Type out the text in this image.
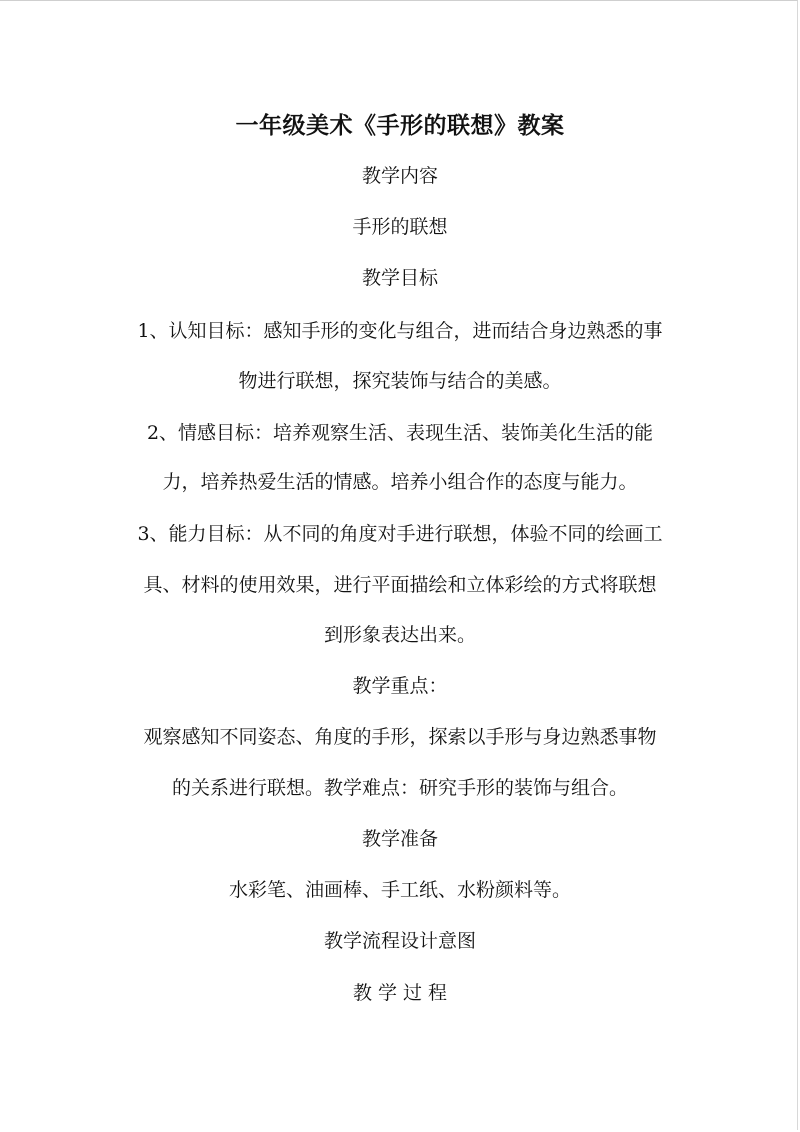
一年级美术《手形的联想》教案
教学内容
手形的联想
教学目标
1、认知目标：感知手形的变化与组合，进而结合身边熟悉的事
物进行联想，探究装饰与结合的美感。
2、情感目标：培养观察生活、表现生活、装饰美化生活的能
力，培养热爱生活的情感。培养小组合作的态度与能力。
3、能力目标：从不同的角度对手进行联想，体验不同的绘画工
具、材料的使用效果，进行平面描绘和立体彩绘的方式将联想
到形象表达出来。
教学重点：
观察感知不同姿态、角度的手形，探索以手形与身边熟悉事物
的关系进行联想。教学难点：研究手形的装饰与组合。
教学准备
水彩笔、油画棒、手工纸、水粉颜料等。
教学流程设计意图
教 学 过 程
